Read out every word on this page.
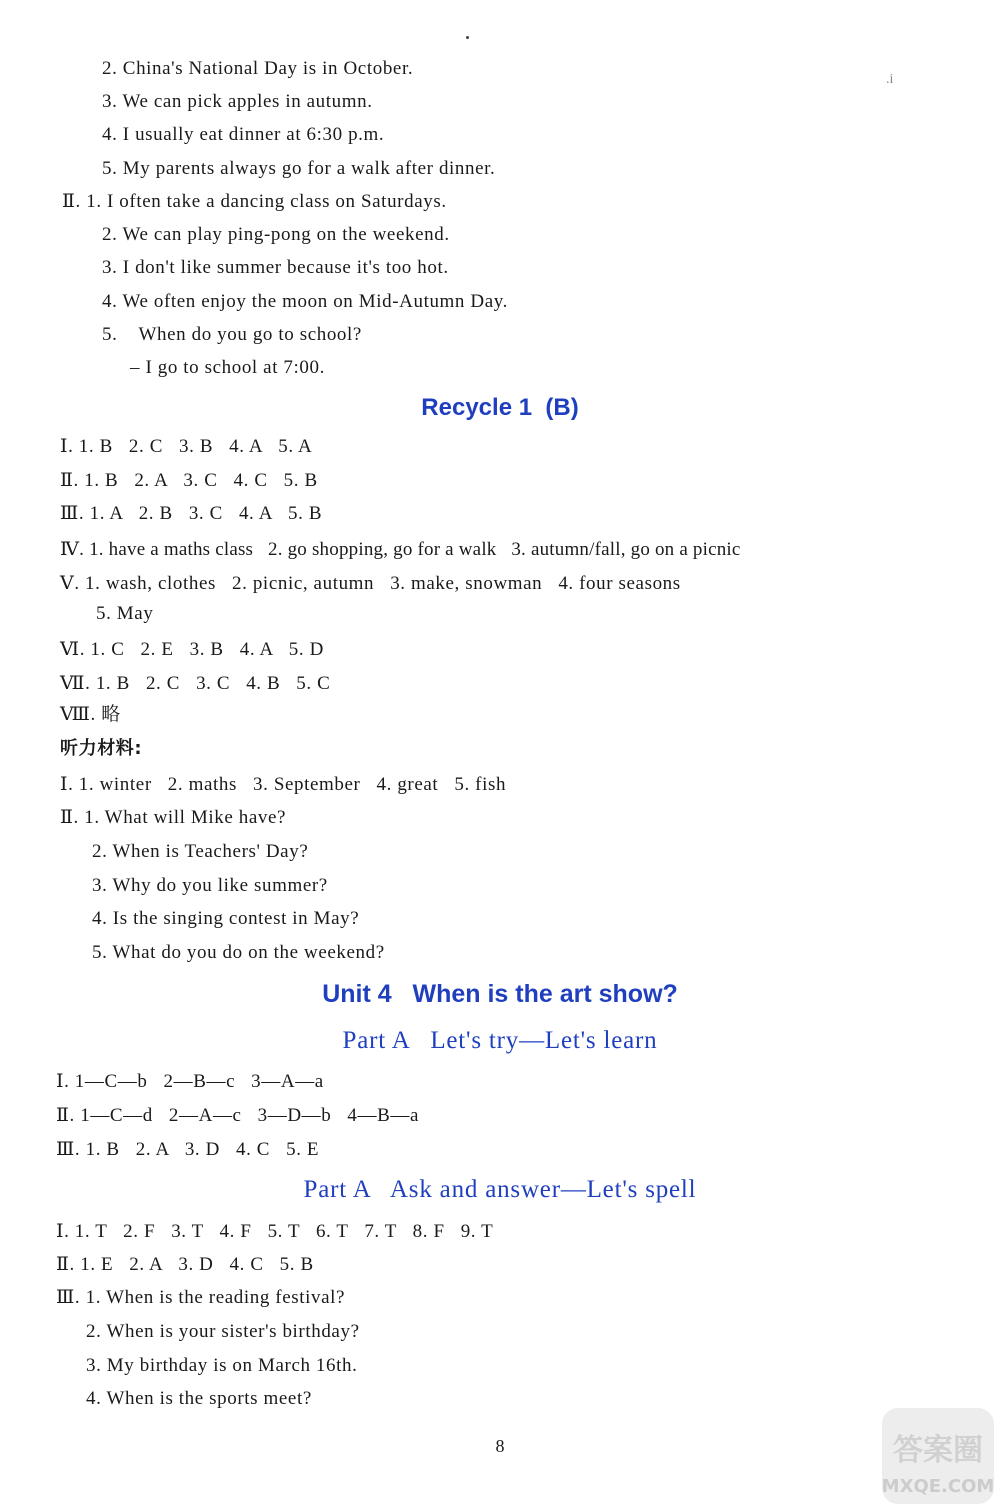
.i
2. China's National Day is in October.
3. We can pick apples in autumn.
4. I usually eat dinner at 6:30 p.m.
5. My parents always go for a walk after dinner.
Ⅱ. 1. I often take a dancing class on Saturdays.
2. We can play ping-pong on the weekend.
3. I don't like summer because it's too hot.
4. We often enjoy the moon on Mid-Autumn Day.
5.    When do you go to school?
– I go to school at 7:00.
Recycle 1  (B)
Ⅰ. 1. B   2. C   3. B   4. A   5. A
Ⅱ. 1. B   2. A   3. C   4. C   5. B
Ⅲ. 1. A   2. B   3. C   4. A   5. B
Ⅳ. 1. have a maths class   2. go shopping, go for a walk   3. autumn/fall, go on a picnic
Ⅴ. 1. wash, clothes   2. picnic, autumn   3. make, snowman   4. four seasons
5. May
Ⅵ. 1. C   2. E   3. B   4. A   5. D
Ⅶ. 1. B   2. C   3. C   4. B   5. C
Ⅷ. 略
听力材料:
Ⅰ. 1. winter   2. maths   3. September   4. great   5. fish
Ⅱ. 1. What will Mike have?
2. When is Teachers' Day?
3. Why do you like summer?
4. Is the singing contest in May?
5. What do you do on the weekend?
Unit 4   When is the art show?
Part A   Let's try—Let's learn
Ⅰ. 1—C—b   2—B—c   3—A—a
Ⅱ. 1—C—d   2—A—c   3—D—b   4—B—a
Ⅲ. 1. B   2. A   3. D   4. C   5. E
Part A   Ask and answer—Let's spell
Ⅰ. 1. T   2. F   3. T   4. F   5. T   6. T   7. T   8. F   9. T
Ⅱ. 1. E   2. A   3. D   4. C   5. B
Ⅲ. 1. When is the reading festival?
2. When is your sister's birthday?
3. My birthday is on March 16th.
4. When is the sports meet?
8	答案圈
MXQE.COM
